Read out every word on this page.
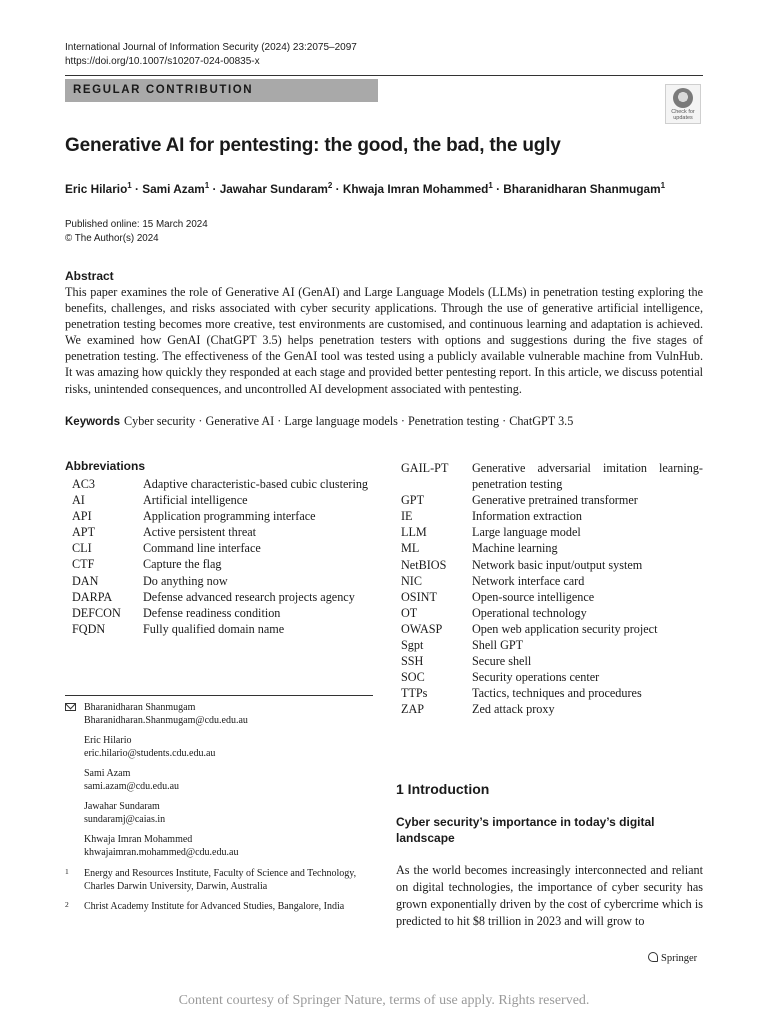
International Journal of Information Security (2024) 23:2075–2097
https://doi.org/10.1007/s10207-024-00835-x
REGULAR CONTRIBUTION
Check for updates
Generative AI for pentesting: the good, the bad, the ugly
Eric Hilario$^1$ · Sami Azam$^1$ · Jawahar Sundaram$^2$ · Khwaja Imran Mohammed$^1$ · Bharanidharan Shanmugam$^1$
Published online: 15 March 2024
© The Author(s) 2024
Abstract
This paper examines the role of Generative AI (GenAI) and Large Language Models (LLMs) in penetration testing exploring the benefits, challenges, and risks associated with cyber security applications. Through the use of generative artificial intelligence, penetration testing becomes more creative, test environments are customised, and continuous learning and adaptation is achieved. We examined how GenAI (ChatGPT 3.5) helps penetration testers with options and suggestions during the five stages of penetration testing. The effectiveness of the GenAI tool was tested using a publicly available vulnerable machine from VulnHub. It was amazing how quickly they responded at each stage and provided better pentesting report. In this article, we discuss potential risks, unintended consequences, and uncontrolled AI development associated with pentesting.
Keywords Cyber security · Generative AI · Large language models · Penetration testing · ChatGPT 3.5
Abbreviations
AC3	Adaptive characteristic-based cubic clustering
AI	Artificial intelligence
API	Application programming interface
APT	Active persistent threat
CLI	Command line interface
CTF	Capture the flag
DAN	Do anything now
DARPA	Defense advanced research projects agency
DEFCON	Defense readiness condition
FQDN	Fully qualified domain name
GAIL-PT	Generative adversarial imitation learning-penetration testing
GPT	Generative pretrained transformer
IE	Information extraction
LLM	Large language model
ML	Machine learning
NetBIOS	Network basic input/output system
NIC	Network interface card
OSINT	Open-source intelligence
OT	Operational technology
OWASP	Open web application security project
Sgpt	Shell GPT
SSH	Secure shell
SOC	Security operations center
TTPs	Tactics, techniques and procedures
ZAP	Zed attack proxy
Bharanidharan Shanmugam
Bharanidharan.Shanmugam@cdu.edu.au
Eric Hilario
eric.hilario@students.cdu.edu.au
Sami Azam
sami.azam@cdu.edu.au
Jawahar Sundaram
sundaramj@caias.in
Khwaja Imran Mohammed
khwajaimran.mohammed@cdu.edu.au
1	Energy and Resources Institute, Faculty of Science and Technology, Charles Darwin University, Darwin, Australia
2	Christ Academy Institute for Advanced Studies, Bangalore, India
1 Introduction
Cyber security’s importance in today’s digital landscape
As the world becomes increasingly interconnected and reliant on digital technologies, the importance of cyber security has grown exponentially driven by the cost of cybercrime which is predicted to hit $8 trillion in 2023 and will grow to
Springer
Content courtesy of Springer Nature, terms of use apply. Rights reserved.
